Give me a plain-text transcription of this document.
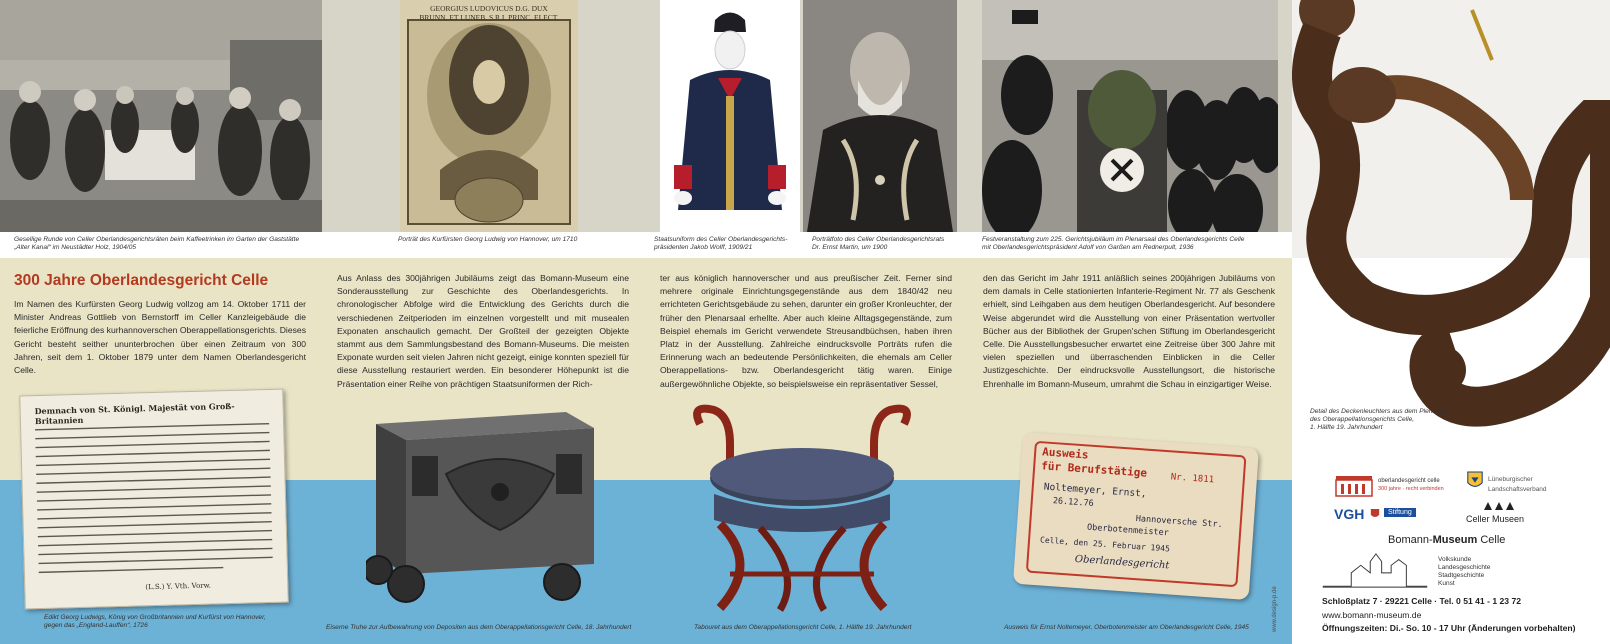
GEORGIUS LUDOVICUS D.G. DUX
BRUNN. ET LUNEB. S.R.I. PRINC. ELECT.
Gesellige Runde von Celler Oberlandesgerichtsräten beim Kaffeetrinken im Garten der Gaststätte
„Alter Kanal“ im Neustädter Holz, 1904/05
Porträt des Kurfürsten Georg Ludwig von Hannover, um 1710	Staatsuniform des Celler Oberlandesgerichts-
präsidenten Jakob Wolff, 1909/21
Porträtfoto des Celler Oberlandesgerichtsrats
Dr. Ernst Martin, um 1900
Festveranstaltung zum 225. Gerichtsjubiläum im Plenarsaal des Oberlandesgerichts Celle
mit Oberlandesgerichtspräsident Adolf von Garßen am Rednerpult, 1936
Detail des Deckenleuchters aus dem Plenarsaal
des Oberappellationsgerichts Celle,
1. Hälfte 19. Jahrhundert
300 Jahre Oberlandesgericht Celle
Im Namen des Kurfürsten Georg Ludwig vollzog am 14. Oktober 1711 der Minister Andreas Gottlieb von Bernstorff im Celler Kanzleigebäude die feierliche Eröffnung des kurhannoverschen Oberappellationsgerichts. Dieses Gericht besteht seither ununterbrochen über einen Zeitraum von 300 Jahren, seit dem 1. Oktober 1879 unter dem Namen Oberlandesgericht Celle.
Aus Anlass des 300jährigen Jubiläums zeigt das Bomann-Museum eine Sonderausstellung zur Geschichte des Oberlandesgerichts. In chronologischer Abfolge wird die Entwicklung des Gerichts durch die verschiedenen Zeitperioden im einzelnen vorgestellt und mit musealen Exponaten anschaulich gemacht. Der Großteil der gezeigten Objekte stammt aus dem Sammlungsbestand des Bomann-Museums. Die meisten Exponate wurden seit vielen Jahren nicht gezeigt, einige konnten speziell für diese Ausstellung restauriert werden. Ein besonderer Höhepunkt ist die Präsentation einer Reihe von prächtigen Staatsuniformen der Rich-
ter aus königlich hannoverscher und aus preußischer Zeit. Ferner sind mehrere originale Einrichtungsgegenstände aus dem 1840/42 neu errichteten Gerichtsgebäude zu sehen, darunter ein großer Kronleuchter, der früher den Plenarsaal erhellte. Aber auch kleine Alltagsgegenstände, zum Beispiel ehemals im Gericht verwendete Streusandbüchsen, haben ihren Platz in der Ausstellung. Zahlreiche eindrucksvolle Porträts rufen die Erinnerung wach an bedeutende Persönlichkeiten, die ehemals am Celler Oberappellations- bzw. Oberlandesgericht tätig waren. Einige außergewöhnliche Objekte, so beispielsweise ein repräsentativer Sessel,
den das Gericht im Jahr 1911 anläßlich seines 200jährigen Jubiläums von dem damals in Celle stationierten Infanterie-Regiment Nr. 77 als Geschenk erhielt, sind Leihgaben aus dem heutigen Oberlandesgericht. Auf besondere Weise abgerundet wird die Ausstellung von einer Präsentation wertvoller Bücher aus der Bibliothek der Grupen'schen Stiftung im Oberlandesgericht Celle. Die Ausstellungsbesucher erwartet eine Zeitreise über 300 Jahre mit vielen speziellen und überraschenden Einblicken in die Celler Justizgeschichte. Der eindrucksvolle Ausstellungsort, die historische Ehrenhalle im Bomann-Museum, umrahmt die Schau in einzigartiger Weise.
Demnach von St. Königl. Majestät von Groß-Britannien
(L.S.) Y. Vth. Vorw.
Ausweis
für Berufstätige	Nr. 1811
Noltemeyer, Ernst,
26.12.76
Hannoversche Str.
Oberbotenmeister
Celle, den 25. Februar 1945
Oberlandesgericht
Edikt Georg Ludwigs, König von Großbritannien und Kurfürst von Hannover,
gegen das „England-Lauffen“, 1726	Eiserne Truhe zur Aufbewahrung von Depositen aus dem Oberappellationsgericht Celle, 18. Jahrhundert	Tabouret aus dem Oberappellationsgericht Celle, 1. Hälfte 19. Jahrhundert	Ausweis für Ernst Noltemeyer, Oberbotenmeister am Oberlandesgericht Celle, 1945	www.design-p.de
oberlandesgericht celle
300 jahre · recht verbinden
Lüneburgischer
Landschaftsverband
VGH	Stiftung
Celler Museen
Bomann-Museum Celle
Volkskunde
Landesgeschichte
Stadtgeschichte
Kunst
Schloßplatz 7 · 29221 Celle · Tel. 0 51 41 - 1 23 72
www.bomann-museum.de
Öffnungszeiten: Di.- So. 10 - 17 Uhr (Änderungen vorbehalten)
